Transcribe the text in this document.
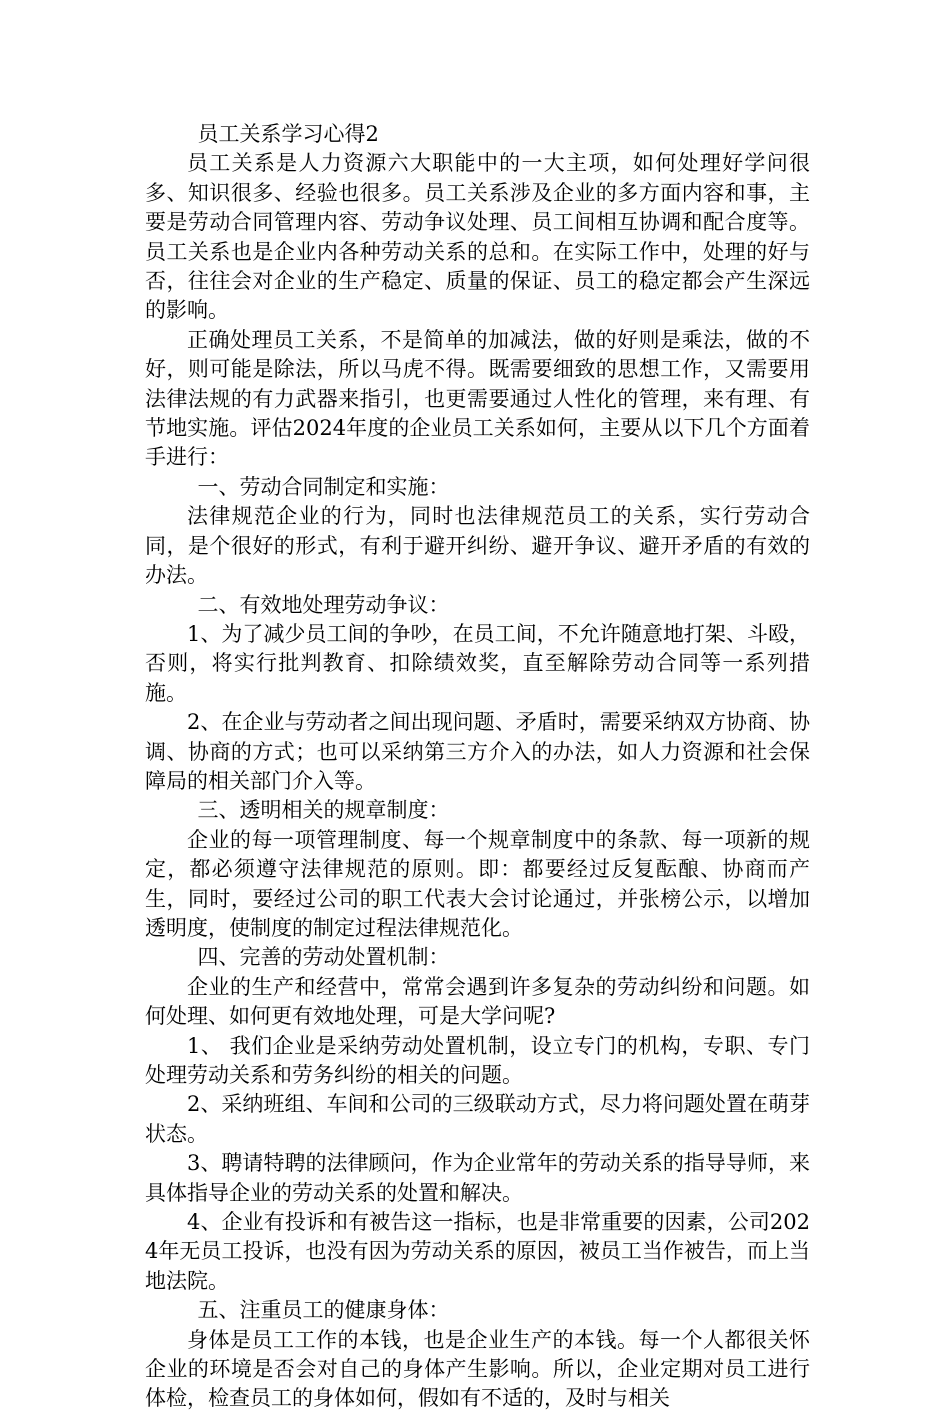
员工关系学习心得2

员工关系是人力资源六大职能中的一大主项，如何处理好学问很多、知识很多、经验也很多。员工关系涉及企业的多方面内容和事，主要是劳动合同管理内容、劳动争议处理、员工间相互协调和配合度等。员工关系也是企业内各种劳动关系的总和。在实际工作中，处理的好与否，往往会对企业的生产稳定、质量的保证、员工的稳定都会产生深远的影响。

正确处理员工关系，不是简单的加减法，做的好则是乘法，做的不好，则可能是除法，所以马虎不得。既需要细致的思想工作，又需要用法律法规的有力武器来指引，也更需要通过人性化的管理，来有理、有节地实施。评估2024年度的企业员工关系如何，主要从以下几个方面着手进行：

一、劳动合同制定和实施：

法律规范企业的行为，同时也法律规范员工的关系，实行劳动合同，是个很好的形式，有利于避开纠纷、避开争议、避开矛盾的有效的办法。

二、有效地处理劳动争议：

1、为了减少员工间的争吵，在员工间，不允许随意地打架、斗殴，否则，将实行批判教育、扣除绩效奖，直至解除劳动合同等一系列措施。

2、在企业与劳动者之间出现问题、矛盾时，需要采纳双方协商、协调、协商的方式；也可以采纳第三方介入的办法，如人力资源和社会保障局的相关部门介入等。

三、透明相关的规章制度：

企业的每一项管理制度、每一个规章制度中的条款、每一项新的规定，都必须遵守法律规范的原则。即：都要经过反复酝酿、协商而产生，同时，要经过公司的职工代表大会讨论通过，并张榜公示，以增加透明度，使制度的制定过程法律规范化。

四、完善的劳动处置机制：

企业的生产和经营中，常常会遇到许多复杂的劳动纠纷和问题。如何处理、如何更有效地处理，可是大学问呢?

1、 我们企业是采纳劳动处置机制，设立专门的机构，专职、专门处理劳动关系和劳务纠纷的相关的问题。

2、采纳班组、车间和公司的三级联动方式，尽力将问题处置在萌芽状态。

3、聘请特聘的法律顾问，作为企业常年的劳动关系的指导导师，来具体指导企业的劳动关系的处置和解决。

4、企业有投诉和有被告这一指标，也是非常重要的因素，公司2024年无员工投诉，也没有因为劳动关系的原因，被员工当作被告，而上当地法院。

五、注重员工的健康身体：

身体是员工工作的本钱，也是企业生产的本钱。每一个人都很关怀企业的环境是否会对自己的身体产生影响。所以，企业定期对员工进行体检，检查员工的身体如何，假如有不适的，及时与相关
